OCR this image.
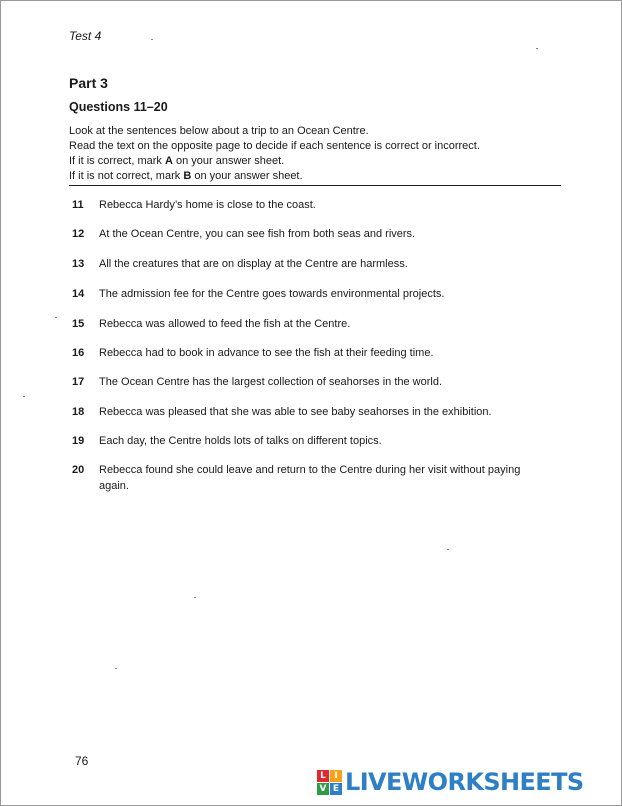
Test 4
Part 3
Questions 11–20
Look at the sentences below about a trip to an Ocean Centre.
Read the text on the opposite page to decide if each sentence is correct or incorrect.
If it is correct, mark A on your answer sheet.
If it is not correct, mark B on your answer sheet.
11	Rebecca Hardy’s home is close to the coast.
12	At the Ocean Centre, you can see fish from both seas and rivers.
13	All the creatures that are on display at the Centre are harmless.
14	The admission fee for the Centre goes towards environmental projects.
15	Rebecca was allowed to feed the fish at the Centre.
16	Rebecca had to book in advance to see the fish at their feeding time.
17	The Ocean Centre has the largest collection of seahorses in the world.
18	Rebecca was pleased that she was able to see baby seahorses in the exhibition.
19	Each day, the Centre holds lots of talks on different topics.
20	Rebecca found she could leave and return to the Centre during her visit without paying again.
76
L I
V E LIVEWORKSHEETS
